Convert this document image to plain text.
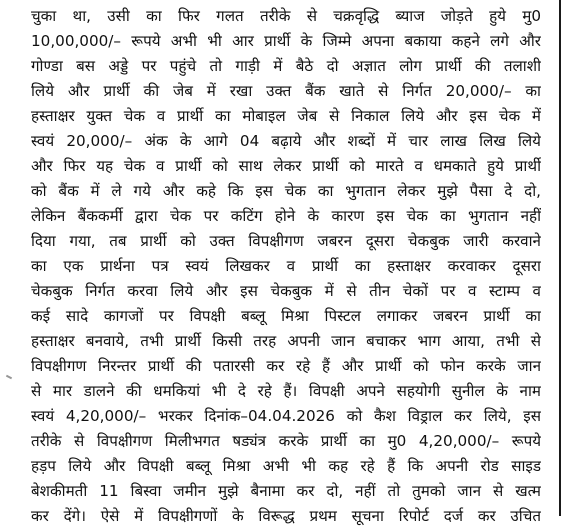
चुका था, उसी का फिर गलत तरीके से चक्रवृद्धि ब्याज जोड़ते हुये मु0
10,00,000/– रूपये अभी भी आर प्रार्थी के जिम्मे अपना बकाया कहने लगे और
गोण्डा बस अड्डे पर पहुंचे तो गाड़ी में बैठे दो अज्ञात लोग प्रार्थी की तलाशी
लिये और प्रार्थी की जेब में रखा उक्त बैंक खाते से निर्गत 20,000/– का
हस्ताक्षर युक्त चेक व प्रार्थी का मोबाइल जेब से निकाल लिये और इस चेक में
स्वयं 20,000/– अंक के आगे 04 बढ़ाये और शब्दों में चार लाख लिख लिये
और फिर यह चेक व प्रार्थी को साथ लेकर प्रार्थी को मारते व धमकाते हुये प्रार्थी
को बैंक में ले गये और कहे कि इस चेक का भुगतान लेकर मुझे पैसा दे दो,
लेकिन बैंककर्मी द्वारा चेक पर कटिंग होने के कारण इस चेक का भुगतान नहीं
दिया गया, तब प्रार्थी को उक्त विपक्षीगण जबरन दूसरा चेकबुक जारी करवाने
का एक प्रार्थना पत्र स्वयं लिखकर व प्रार्थी का हस्ताक्षर करवाकर दूसरा
चेकबुक निर्गत करवा लिये और इस चेकबुक में से तीन चेकों पर व स्टाम्प व
कई सादे कागजों पर विपक्षी बब्लू मिश्रा पिस्टल लगाकर जबरन प्रार्थी का
हस्ताक्षर बनवाये, तभी प्रार्थी किसी तरह अपनी जान बचाकर भाग आया, तभी से
विपक्षीगण निरन्तर प्रार्थी की पतारसी कर रहे हैं और प्रार्थी को फोन करके जान
से मार डालने की धमकियां भी दे रहे हैं। विपक्षी अपने सहयोगी सुनील के नाम
स्वयं 4,20,000/– भरकर दिनांक–04.04.2026 को कैश विड्राल कर लिये, इस
तरीके से विपक्षीगण मिलीभगत षड्यंत्र करके प्रार्थी का मु0 4,20,000/– रूपये
हड़प लिये और विपक्षी बब्लू मिश्रा अभी भी कह रहे हैं कि अपनी रोड साइड
बेशकीमती 11 बिस्वा जमीन मुझे बैनामा कर दो, नहीं तो तुमको जान से खत्म
कर देंगे। ऐसे में विपक्षीगणों के विरूद्ध प्रथम सूचना रिपोर्ट दर्ज कर उचित
